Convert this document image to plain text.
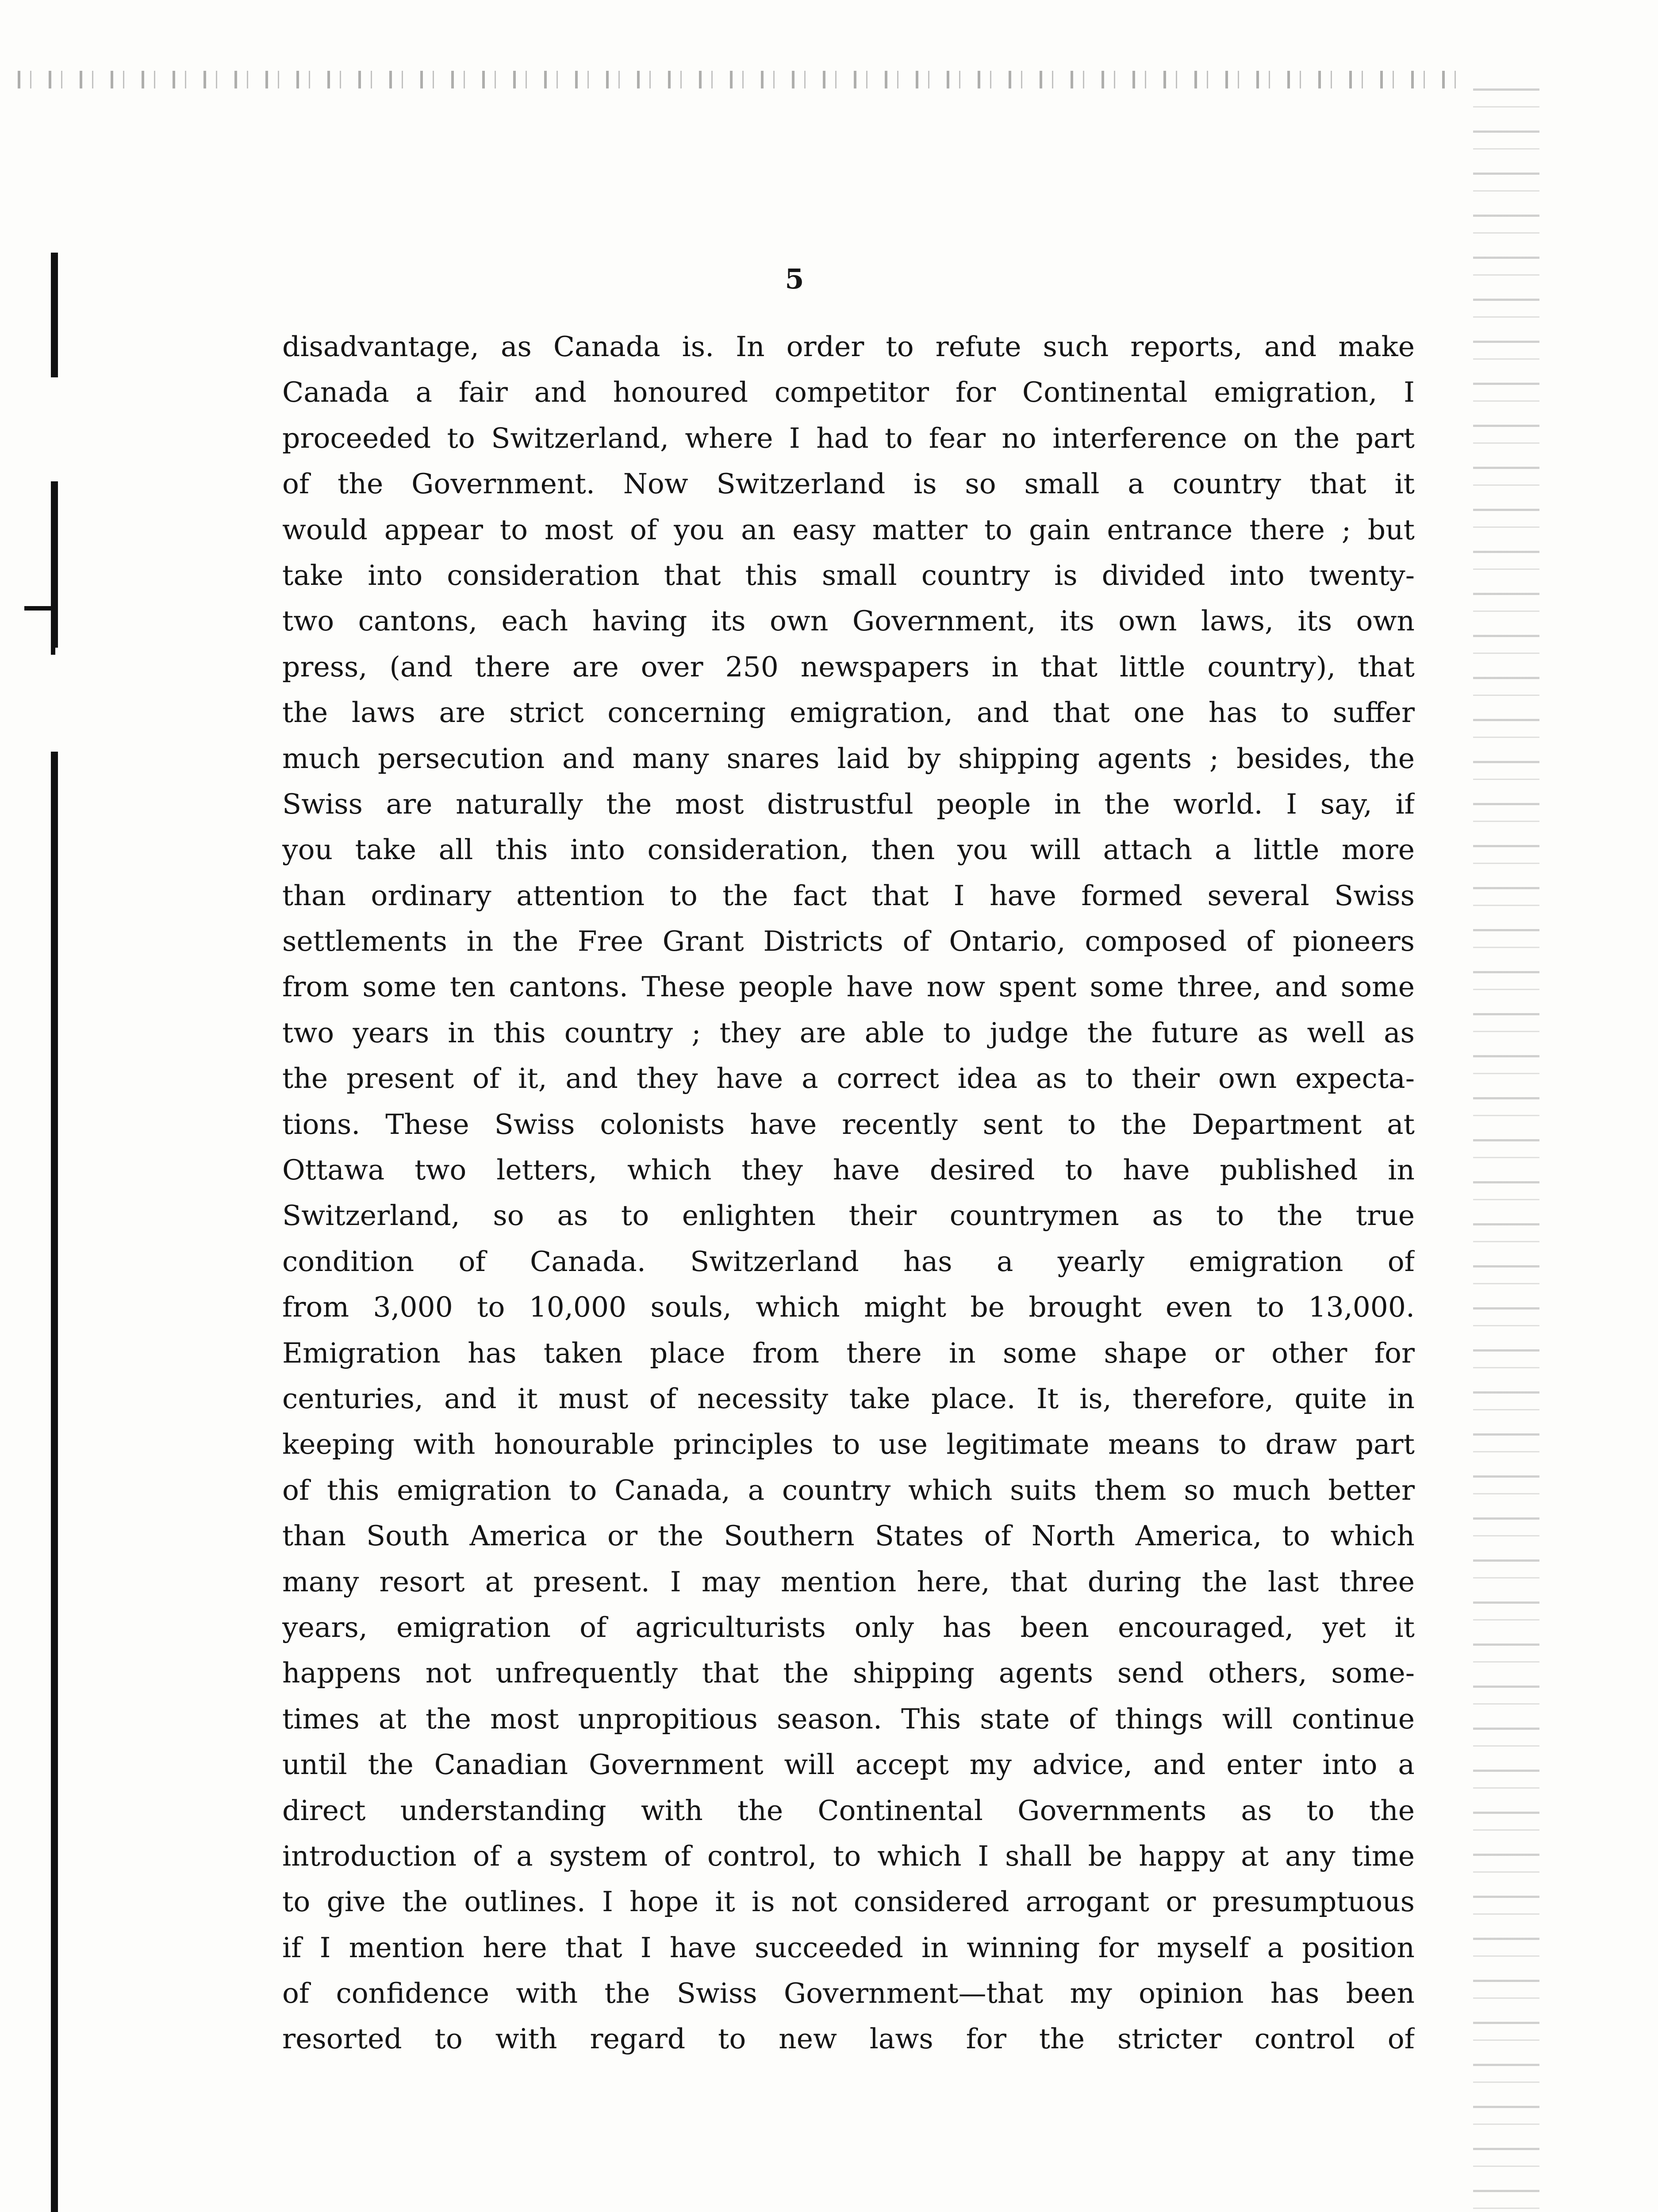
5
disadvantage, as Canada is. In order to refute such reports, and make
Canada a fair and honoured competitor for Continental emigration, I
proceeded to Switzerland, where I had to fear no interference on the part
of the Government. Now Switzerland is so small a country that it
would appear to most of you an easy matter to gain entrance there ; but
take into consideration that this small country is divided into twenty-
two cantons, each having its own Government, its own laws, its own
press, (and there are over 250 newspapers in that little country), that
the laws are strict concerning emigration, and that one has to suffer
much persecution and many snares laid by shipping agents ; besides, the
Swiss are naturally the most distrustful people in the world. I say, if
you take all this into consideration, then you will attach a little more
than ordinary attention to the fact that I have formed several Swiss
settlements in the Free Grant Districts of Ontario, composed of pioneers
from some ten cantons. These people have now spent some three, and some
two years in this country ; they are able to judge the future as well as
the present of it, and they have a correct idea as to their own expecta-
tions. These Swiss colonists have recently sent to the Department at
Ottawa two letters, which they have desired to have published in
Switzerland, so as to enlighten their countrymen as to the true
condition of Canada. Switzerland has a yearly emigration of
from 3,000 to 10,000 souls, which might be brought even to 13,000.
Emigration has taken place from there in some shape or other for
centuries, and it must of necessity take place. It is, therefore, quite in
keeping with honourable principles to use legitimate means to draw part
of this emigration to Canada, a country which suits them so much better
than South America or the Southern States of North America, to which
many resort at present. I may mention here, that during the last three
years, emigration of agriculturists only has been encouraged, yet it
happens not unfrequently that the shipping agents send others, some-
times at the most unpropitious season. This state of things will continue
until the Canadian Government will accept my advice, and enter into a
direct understanding with the Continental Governments as to the
introduction of a system of control, to which I shall be happy at any time
to give the outlines. I hope it is not considered arrogant or presumptuous
if I mention here that I have succeeded in winning for myself a position
of confidence with the Swiss Government—that my opinion has been
resorted to with regard to new laws for the stricter control of
